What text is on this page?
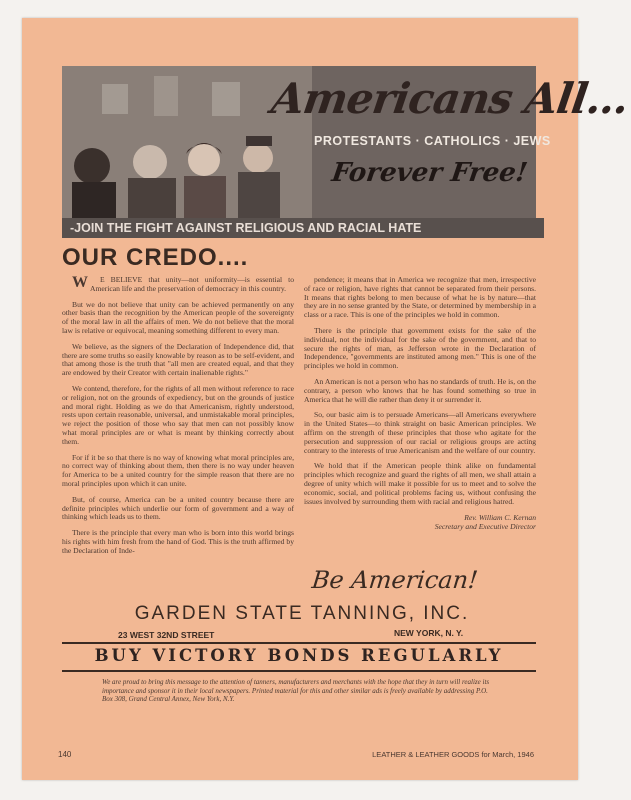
Americans All...
PROTESTANTS · CATHOLICS · JEWS
Forever Free!
-JOIN THE FIGHT AGAINST RELIGIOUS AND RACIAL HATE
OUR CREDO....

WE BELIEVE that unity—not uniformity—is essential to American life and the preservation of democracy in this country.

But we do not believe that unity can be achieved permanently on any other basis than the recognition by the American people of the sovereignty of the moral law in all the affairs of men. We do not believe that the moral law is relative or equivocal, meaning something different to every man.

We believe, as the signers of the Declaration of Independence did, that there are some truths so easily knowable by reason as to be self-evident, and that among those is the truth that "all men are created equal, and that they are endowed by their Creator with certain inalienable rights."

We contend, therefore, for the rights of all men without reference to race or religion, not on the grounds of expediency, but on the grounds of justice and moral right. Holding as we do that Americanism, rightly understood, rests upon certain reasonable, universal, and unmistakable moral principles, we reject the position of those who say that men can not possibly know what moral principles are or what is meant by thinking correctly about them.

For if it be so that there is no way of knowing what moral principles are, no correct way of thinking about them, then there is no way under heaven for America to be a united country for the simple reason that there are no moral principles upon which it can unite.

But, of course, America can be a united country because there are definite principles which underlie our form of government and a way of thinking which leads us to them.

There is the principle that every man who is born into this world brings his rights with him fresh from the hand of God. This is the truth affirmed by the Declaration of Inde-

pendence; it means that in America we recognize that men, irrespective of race or religion, have rights that cannot be separated from their persons. It means that rights belong to men because of what he is by nature—that they are in no sense granted by the State, or determined by membership in a class or a race. This is one of the principles we hold in common.

There is the principle that government exists for the sake of the individual, not the individual for the sake of the government, and that to secure the rights of man, as Jefferson wrote in the Declaration of Independence, "governments are instituted among men." This is one of the principles we hold in common.

An American is not a person who has no standards of truth. He is, on the contrary, a person who knows that he has found something so true in America that he will die rather than deny it or surrender it.

So, our basic aim is to persuade Americans—all Americans everywhere in the United States—to think straight on basic American principles. We affirm on the strength of these principles that those who agitate for the persecution and suppression of our racial or religious groups are acting contrary to the interests of true Americanism and the welfare of our country.

We hold that if the American people think alike on fundamental principles which recognize and guard the rights of all men, we shall attain a degree of unity which will make it possible for us to meet and to solve the economic, social, and political problems facing us, without confusing the issues involved by surrounding them with racial and religious hatred.

Rev. William C. Kernan
Secretary and Executive Director
Be American!
GARDEN STATE TANNING, INC.
23 WEST 32ND STREET	NEW YORK, N. Y.
BUY VICTORY BONDS REGULARLY
We are proud to bring this message to the attention of tanners, manufacturers and merchants with the hope that they in turn will realize its importance and sponsor it in their local newspapers. Printed material for this and other similar ads is freely available by addressing P.O. Box 308, Grand Central Annex, New York, N.Y.
140	LEATHER & LEATHER GOODS for March, 1946
